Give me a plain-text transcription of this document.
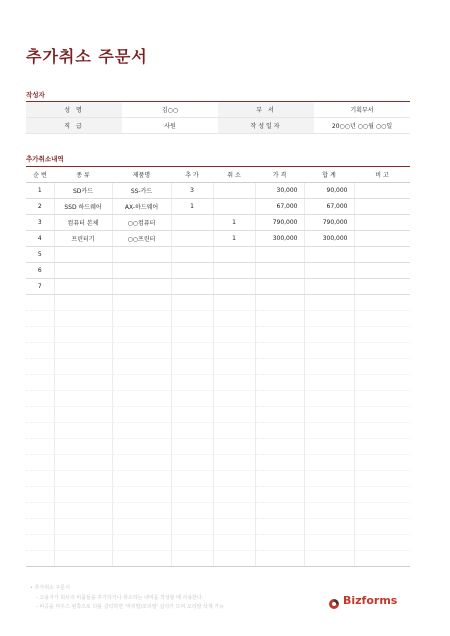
추가취소 주문서
작성자
성 명	김○○	부 서	기획부서
직 급	사원	작성일자	20○○년 ○○월 ○○일
추가취소내역
순 번	종 류	제품명	추 가	취 소	가 격	합 계	비 고
1	SD카드	SS-카드	3		30,000	90,000	
2	SSD 하드웨어	AX-하드웨어	1		67,000	67,000	
3	컴퓨터 본체	○○컴퓨터		1	790,000	790,000	
4	프린터기	○○프린터		1	300,000	300,000	
5							
6							
7							

• 추가취소 주문서
- 고용자가 회사의 비품들을 추가하거나 취소하는 내역을 작성할 때 사용한다.
- 비공을 마우스 왼쪽으로 다블 클릭하면 '머리말/꼬리말' 삽자가 뜨며 꼬리말 삭제 가능	Bizforms
